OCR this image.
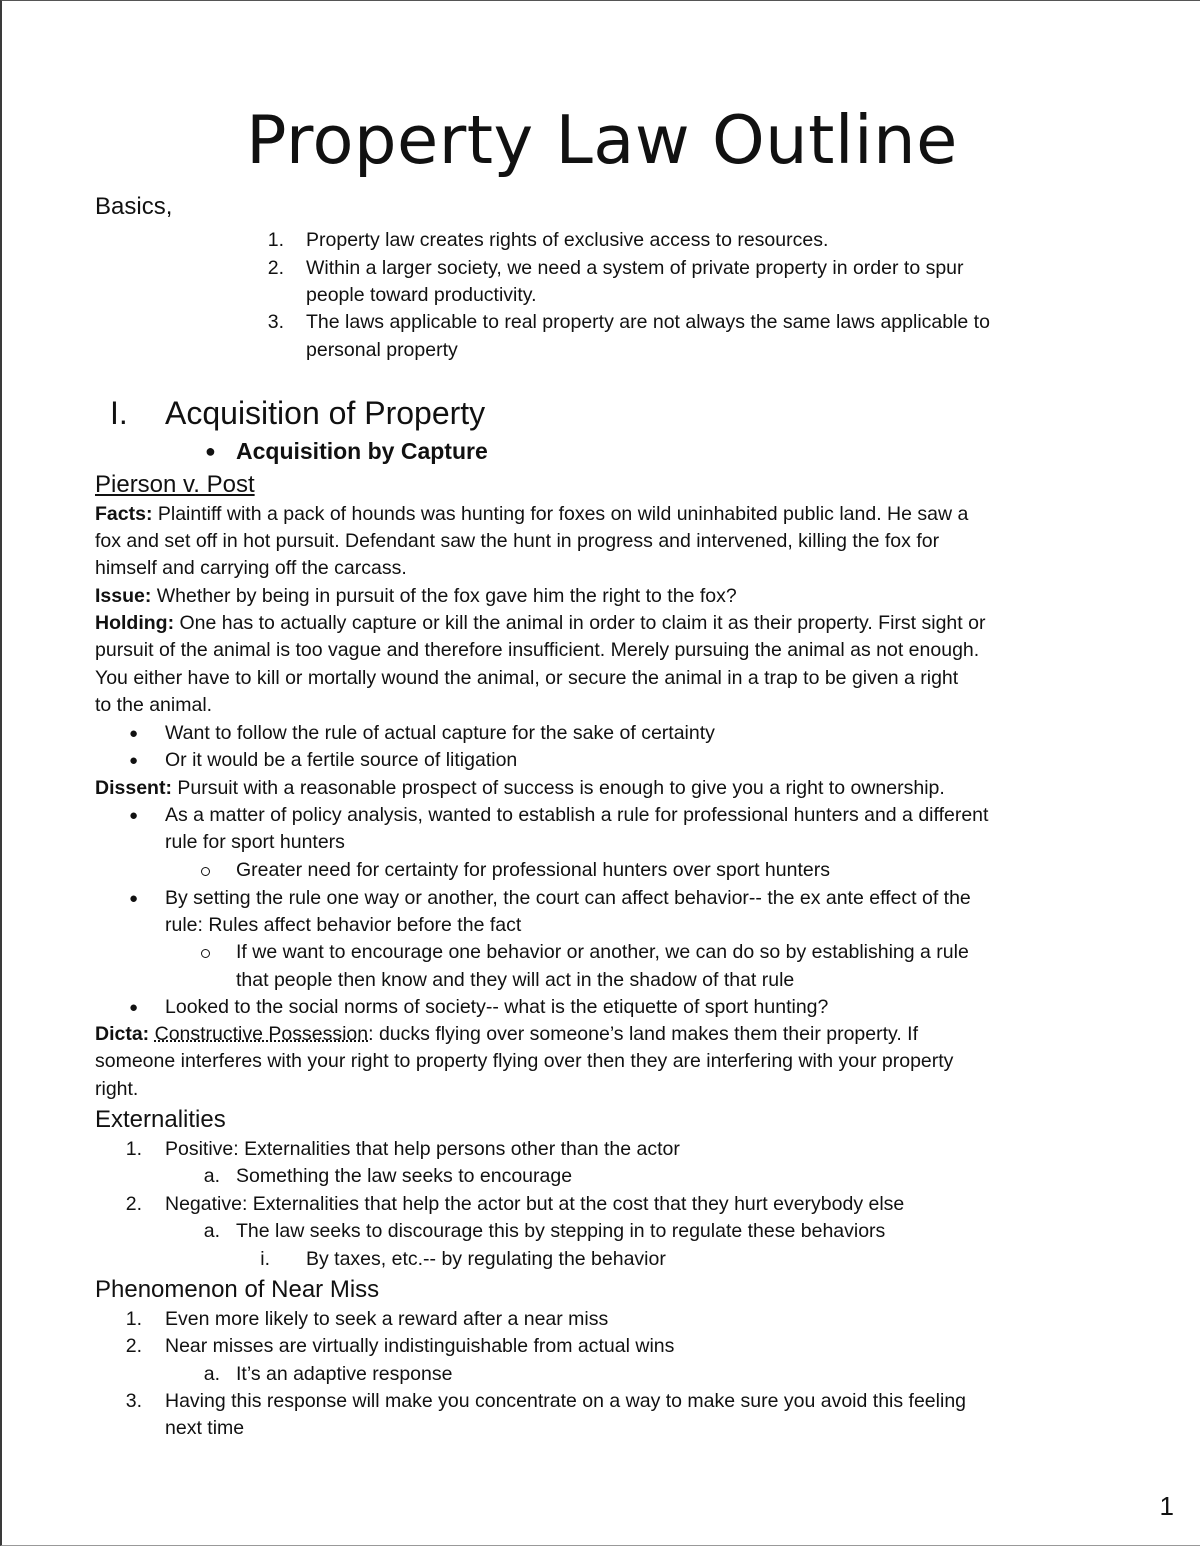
Property Law Outline
Basics,
1. Property law creates rights of exclusive access to resources.
2. Within a larger society, we need a system of private property in order to spur
people toward productivity.
3. The laws applicable to real property are not always the same laws applicable to
personal property
I. Acquisition of Property
● Acquisition by Capture
Pierson v. Post
Facts: Plaintiff with a pack of hounds was hunting for foxes on wild uninhabited public land. He saw a
fox and set off in hot pursuit. Defendant saw the hunt in progress and intervened, killing the fox for
himself and carrying off the carcass.
Issue: Whether by being in pursuit of the fox gave him the right to the fox?
Holding: One has to actually capture or kill the animal in order to claim it as their property. First sight or
pursuit of the animal is too vague and therefore insufficient. Merely pursuing the animal as not enough.
You either have to kill or mortally wound the animal, or secure the animal in a trap to be given a right
to the animal.
● Want to follow the rule of actual capture for the sake of certainty
● Or it would be a fertile source of litigation
Dissent: Pursuit with a reasonable prospect of success is enough to give you a right to ownership.
● As a matter of policy analysis, wanted to establish a rule for professional hunters and a different
rule for sport hunters
Greater need for certainty for professional hunters over sport hunters
● By setting the rule one way or another, the court can affect behavior-- the ex ante effect of the
rule: Rules affect behavior before the fact
If we want to encourage one behavior or another, we can do so by establishing a rule
that people then know and they will act in the shadow of that rule
● Looked to the social norms of society-- what is the etiquette of sport hunting?
Dicta: Constructive Possession: ducks flying over someone’s land makes them their property. If
someone interferes with your right to property flying over then they are interfering with your property
right.
Externalities
1. Positive: Externalities that help persons other than the actor
a. Something the law seeks to encourage
2. Negative: Externalities that help the actor but at the cost that they hurt everybody else
a. The law seeks to discourage this by stepping in to regulate these behaviors
i. By taxes, etc.-- by regulating the behavior
Phenomenon of Near Miss
1. Even more likely to seek a reward after a near miss
2. Near misses are virtually indistinguishable from actual wins
a. It’s an adaptive response
3. Having this response will make you concentrate on a way to make sure you avoid this feeling
next time
1
